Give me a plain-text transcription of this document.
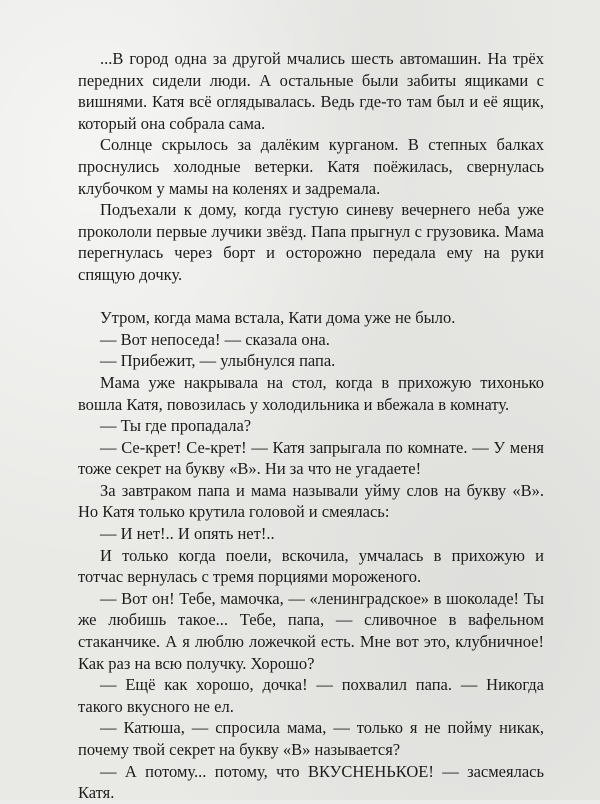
...В город одна за другой мчались шесть автомашин. На трёх передних сидели люди. А остальные были забиты ящиками с вишнями. Катя всё оглядывалась. Ведь где-то там был и её ящик, который она собрала сама.

Солнце скрылось за далёким курганом. В степных балках проснулись холодные ветерки. Катя поёжилась, свернулась клубочком у мамы на коленях и задремала.

Подъехали к дому, когда густую синеву вечернего неба уже прокололи первые лучики звёзд. Папа прыгнул с грузовика. Мама перегнулась через борт и осторожно передала ему на руки спящую дочку.

Утром, когда мама встала, Кати дома уже не было.

— Вот непоседа! — сказала она.

— Прибежит, — улыбнулся папа.

Мама уже накрывала на стол, когда в прихожую тихонько вошла Катя, повозилась у холодильника и вбежала в комнату.

— Ты где пропадала?

— Се-крет! Се-крет! — Катя запрыгала по комнате. — У меня тоже секрет на букву «В». Ни за что не угадаете!

За завтраком папа и мама называли уйму слов на букву «В». Но Катя только крутила головой и смеялась:

— И нет!.. И опять нет!..

И только когда поели, вскочила, умчалась в прихожую и тотчас вернулась с тремя порциями мороженого.

— Вот он! Тебе, мамочка, — «ленинградское» в шоколаде! Ты же любишь такое... Тебе, папа, — сливочное в вафельном стаканчике. А я люблю ложечкой есть. Мне вот это, клубничное! Как раз на всю получку. Хорошо?

— Ещё как хорошо, дочка! — похвалил папа. — Никогда такого вкусного не ел.

— Катюша, — спросила мама, — только я не пойму никак, почему твой секрет на букву «В» называется?

— А потому... потому, что ВКУСНЕНЬКОЕ! — засмеялась Катя.
